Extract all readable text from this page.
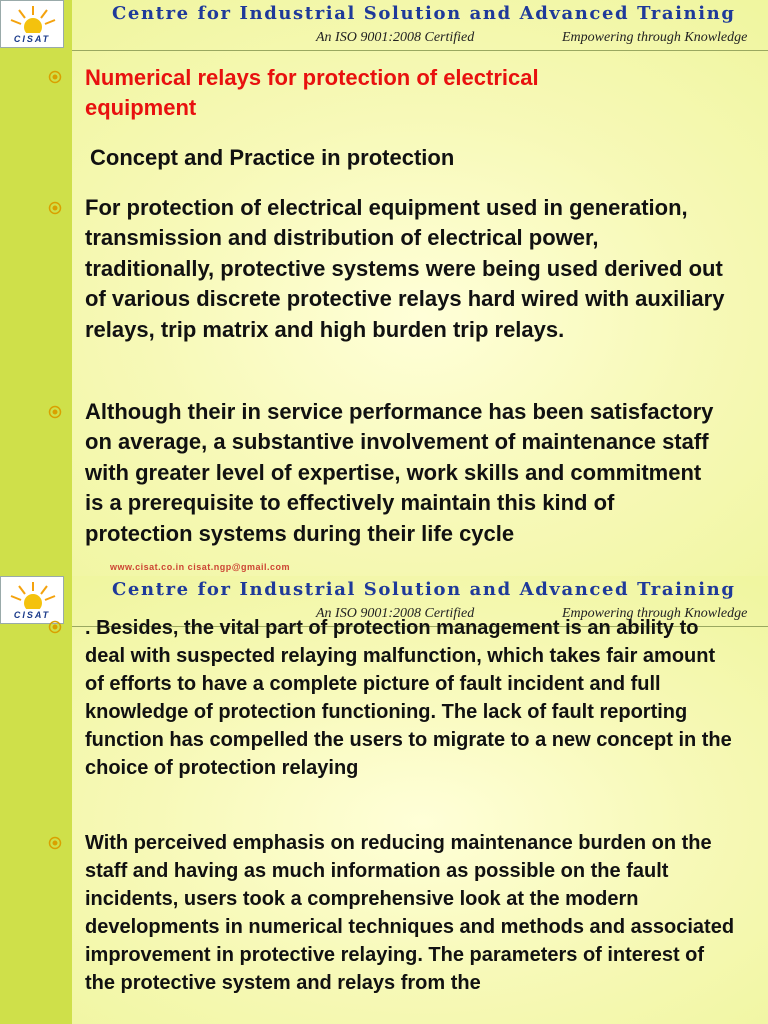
CISAT
Centre for Industrial Solution and Advanced Training
An ISO 9001:2008 Certified	Empowering through Knowledge
Numerical relays for protection of electrical equipment
Concept and Practice in protection
For protection of electrical equipment used in generation, transmission and distribution of electrical power, traditionally, protective systems were being used derived out of various discrete protective relays hard wired with auxiliary relays, trip matrix and high burden trip relays.
Although their in service performance has been satisfactory on average, a substantive involvement of maintenance staff with greater level of expertise, work skills and commitment is a prerequisite to effectively maintain this kind of protection systems during their life cycle
www.cisat.co.in cisat.ngp@gmail.com
CISAT
Centre for Industrial Solution and Advanced Training
An ISO 9001:2008 Certified	Empowering through Knowledge
. Besides, the vital part of protection management is an ability to deal with suspected relaying malfunction, which takes fair amount of efforts to have a complete picture of fault incident and full knowledge of protection functioning. The lack of fault reporting function has compelled the users to migrate to a new concept in the choice of protection relaying
With perceived emphasis on reducing maintenance burden on the staff and having as much information as possible on the fault incidents, users took a comprehensive look at the modern developments in numerical techniques and methods and associated improvement in protective relaying. The parameters of interest of the protective system and relays from the
